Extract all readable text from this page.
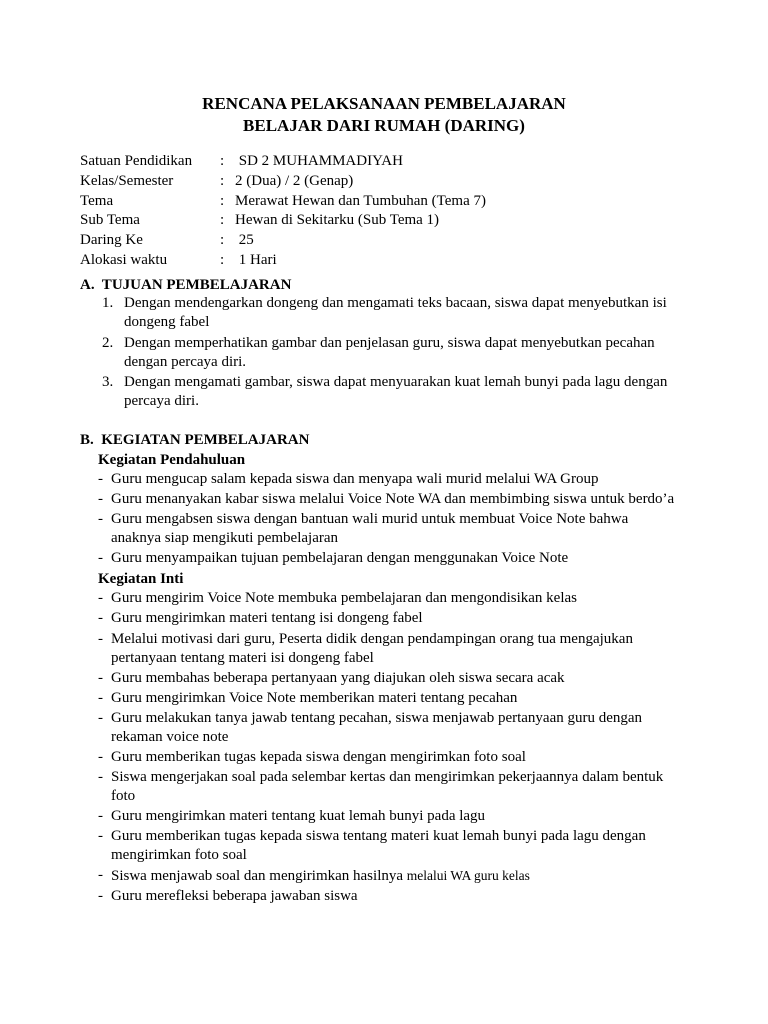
RENCANA PELAKSANAAN PEMBELAJARAN
BELAJAR DARI RUMAH (DARING)
Satuan Pendidikan : SD 2 MUHAMMADIYAH
Kelas/Semester	: 2 (Dua) / 2 (Genap)
Tema	: Merawat Hewan dan Tumbuhan (Tema 7)
Sub Tema	: Hewan di Sekitarku (Sub Tema 1)
Daring Ke	: 25
Alokasi waktu	: 1 Hari
A.  TUJUAN PEMBELAJARAN
1. Dengan mendengarkan dongeng dan mengamati teks bacaan, siswa dapat menyebutkan isi dongeng fabel
2. Dengan memperhatikan gambar dan penjelasan guru, siswa dapat menyebutkan pecahan dengan percaya diri.
3. Dengan mengamati gambar, siswa dapat menyuarakan kuat lemah bunyi pada lagu dengan percaya diri.
B.  KEGIATAN PEMBELAJARAN
Kegiatan Pendahuluan
- Guru mengucap salam kepada siswa dan menyapa wali murid melalui WA Group
- Guru menanyakan kabar siswa melalui Voice Note WA dan membimbing siswa untuk berdo’a
- Guru mengabsen siswa dengan bantuan wali murid untuk membuat Voice Note bahwa anaknya siap mengikuti pembelajaran
- Guru menyampaikan tujuan pembelajaran dengan menggunakan Voice Note
Kegiatan Inti
- Guru mengirim Voice Note membuka pembelajaran dan mengondisikan kelas
- Guru mengirimkan materi tentang isi dongeng fabel
- Melalui motivasi dari guru, Peserta didik dengan pendampingan orang tua mengajukan pertanyaan tentang materi isi dongeng fabel
- Guru membahas beberapa pertanyaan yang diajukan oleh siswa secara acak
- Guru mengirimkan Voice Note memberikan materi tentang pecahan
- Guru melakukan tanya jawab tentang pecahan, siswa menjawab pertanyaan guru dengan rekaman voice note
- Guru memberikan tugas kepada siswa dengan mengirimkan foto soal
- Siswa mengerjakan soal pada selembar kertas dan mengirimkan pekerjaannya dalam bentuk foto
- Guru mengirimkan materi tentang kuat lemah bunyi pada lagu
- Guru memberikan tugas kepada siswa tentang materi kuat lemah bunyi pada lagu dengan mengirimkan foto soal
- Siswa menjawab soal dan mengirimkan hasilnya melalui WA guru kelas
- Guru merefleksi beberapa jawaban siswa
